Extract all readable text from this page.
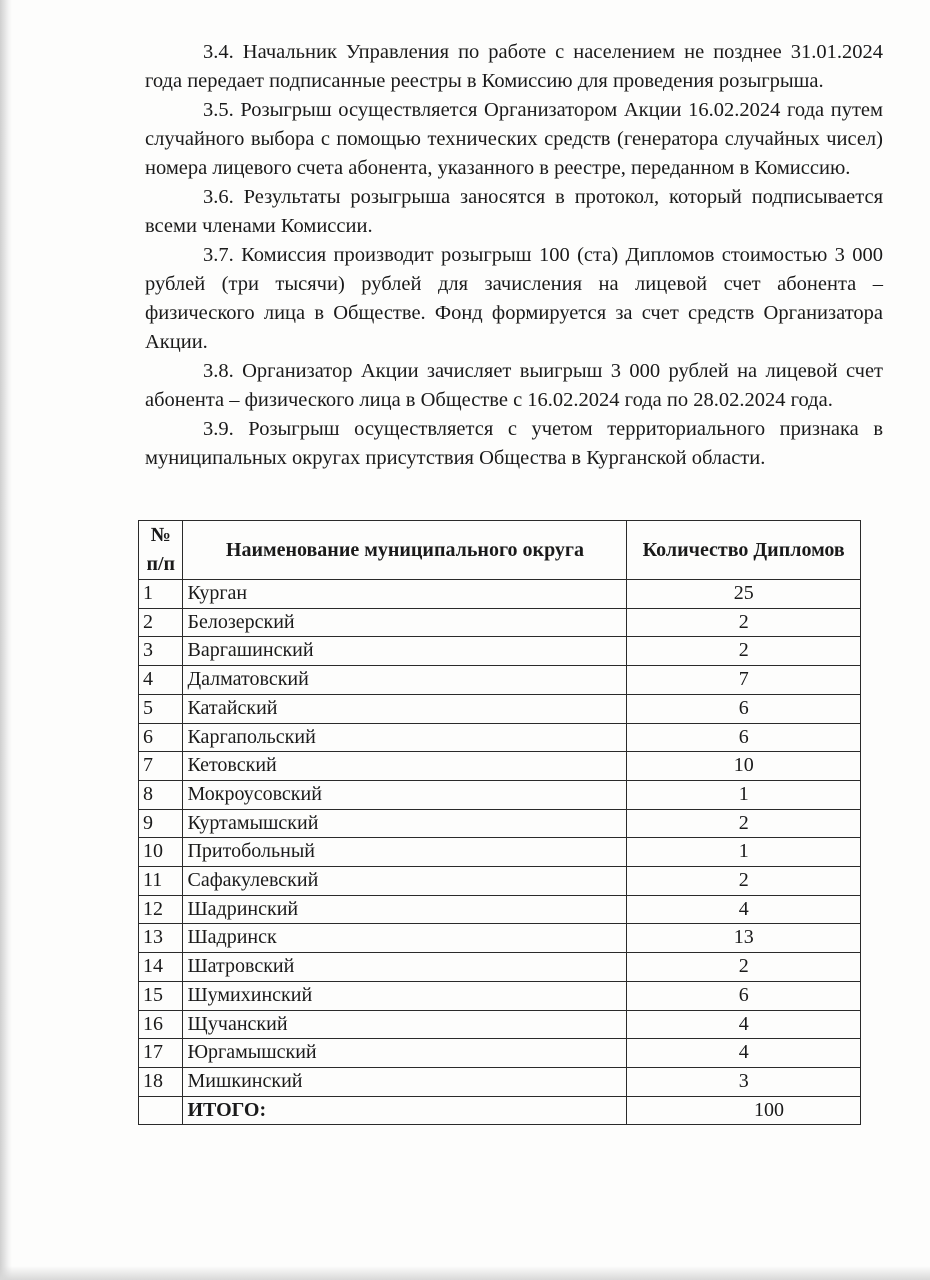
3.4. Начальник Управления по работе с населением не позднее 31.01.2024 года передает подписанные реестры в Комиссию для проведения розыгрыша.

3.5. Розыгрыш осуществляется Организатором Акции 16.02.2024 года путем случайного выбора с помощью технических средств (генератора случайных чисел) номера лицевого счета абонента, указанного в реестре, переданном в Комиссию.

3.6. Результаты розыгрыша заносятся в протокол, который подписывается всеми членами Комиссии.

3.7. Комиссия производит розыгрыш 100 (ста) Дипломов стоимостью 3 000 рублей (три тысячи) рублей для зачисления на лицевой счет абонента – физического лица в Обществе. Фонд формируется за счет средств Организатора Акции.

3.8. Организатор Акции зачисляет выигрыш 3 000 рублей на лицевой счет абонента – физического лица в Обществе с 16.02.2024 года по 28.02.2024 года.

3.9. Розыгрыш осуществляется с учетом территориального признака в муниципальных округах присутствия Общества в Курганской области.

№ п/п	Наименование муниципального округа	Количество Дипломов
1	Курган	25
2	Белозерский	2
3	Варгашинский	2
4	Далматовский	7
5	Катайский	6
6	Каргапольский	6
7	Кетовский	10
8	Мокроусовский	1
9	Куртамышский	2
10	Притобольный	1
11	Сафакулевский	2
12	Шадринский	4
13	Шадринск	13
14	Шатровский	2
15	Шумихинский	6
16	Щучанский	4
17	Юргамышский	4
18	Мишкинский	3
	ИТОГО:	100
